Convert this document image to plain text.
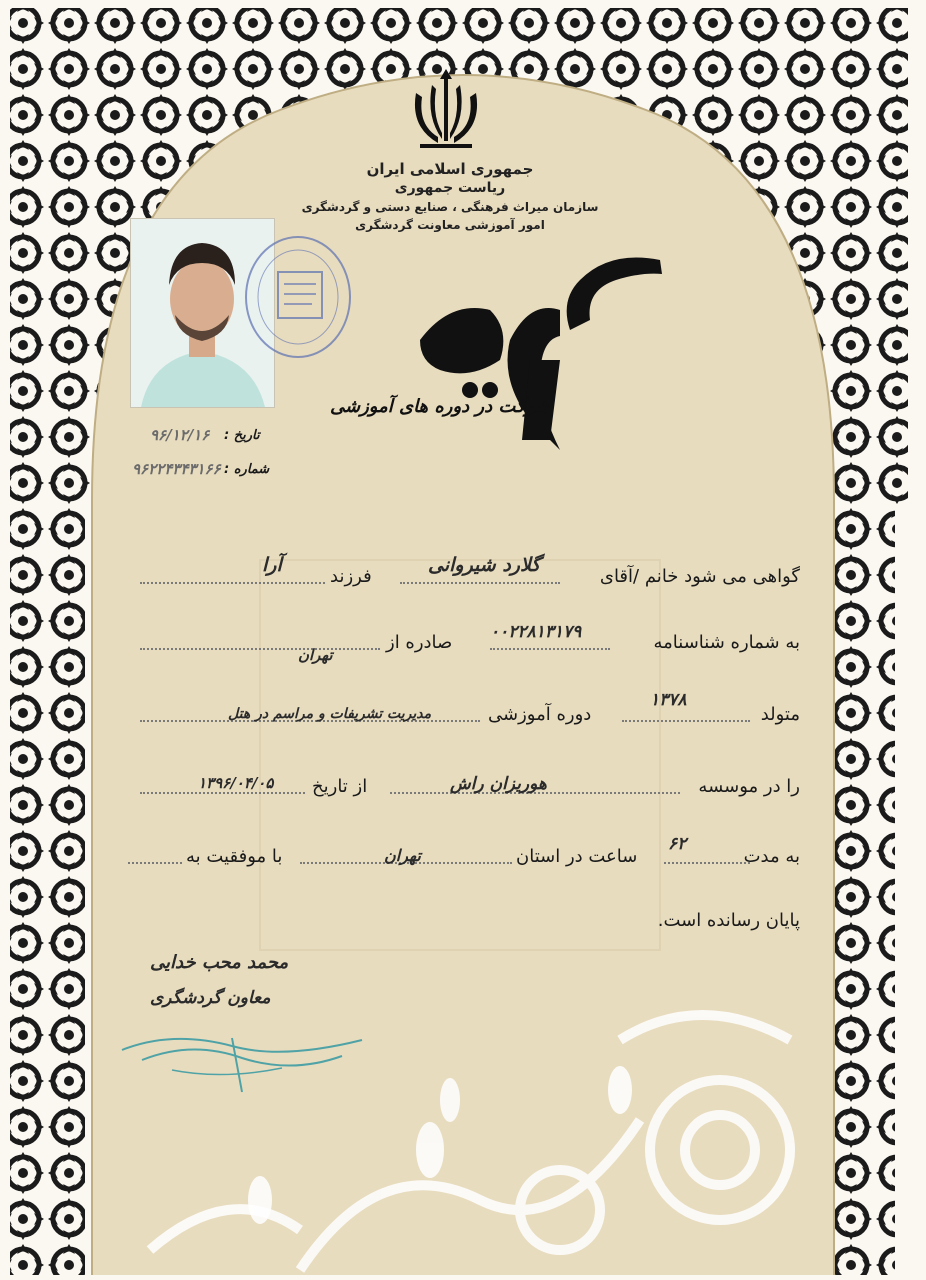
جمهوری اسلامی ایران
ریاست جمهوری
سازمان میراث فرهنگی ، صنایع دستی و گردشگری
امور آموزشی معاونت گردشگری
شرکت در دوره های آموزشی
تاریخ :
۹۶/۱۲/۱۶
شماره :
۹۶۲۲۴۳۴۳۱۶۶
گواهی می شود خانم /آقای
گلارد شیروانی
فرزند
آرا
به شماره شناسنامه
۰۰۲۲۸۱۳۱۷۹
صادره از
تهران
متولد
۱۳۷۸
دوره آموزشی
مدیریت تشریفات و مراسم در هتل
را در موسسه
هوریزان راش
از تاریخ
۱۳۹۶/۰۴/۰۵
به مدت
۶۲
ساعت در استان
تهران
با موفقیت به
پایان رسانده است.
محمد محب خدایی
معاون گردشگری
